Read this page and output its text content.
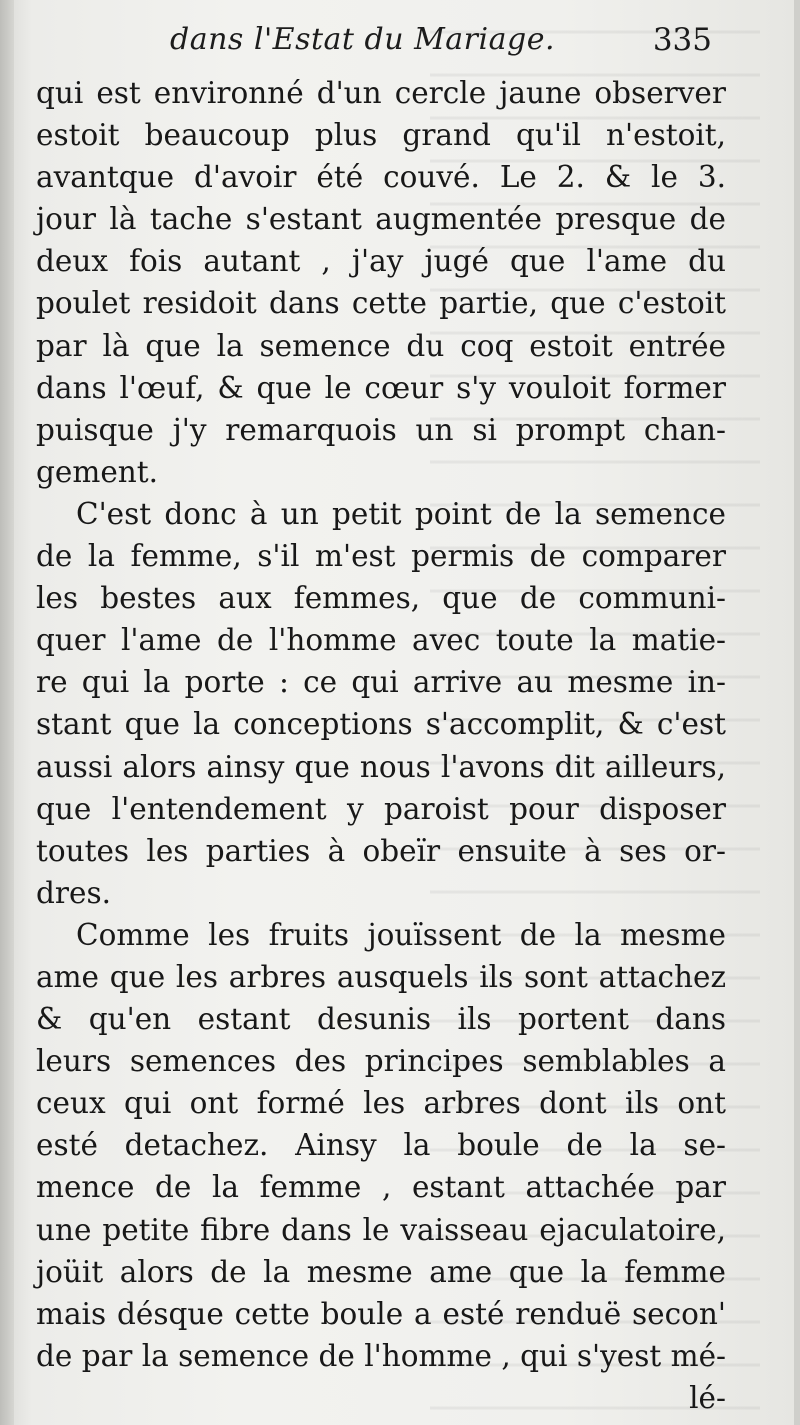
dans l'Estat du Mariage.	335
qui est environné d'un cercle jaune observer
estoit beaucoup plus grand qu'il n'estoit,
avantque d'avoir été couvé. Le 2. & le 3.
jour là tache s'estant augmentée presque de
deux fois autant , j'ay jugé que l'ame du
poulet residoit dans cette partie, que c'estoit
par là que la semence du coq estoit entrée
dans l'œuf, & que le cœur s'y vouloit former
puisque j'y remarquois un si prompt chan-
gement.
C'est donc à un petit point de la semence
de la femme, s'il m'est permis de comparer
les bestes aux femmes, que de communi-
quer l'ame de l'homme avec toute la matie-
re qui la porte : ce qui arrive au mesme in-
stant que la conceptions s'accomplit, & c'est
aussi alors ainsy que nous l'avons dit ailleurs,
que l'entendement y paroist pour disposer
toutes les parties à obeïr ensuite à ses or-
dres.
Comme les fruits jouïssent de la mesme
ame que les arbres ausquels ils sont attachez
& qu'en estant desunis ils portent dans
leurs semences des principes semblables a
ceux qui ont formé les arbres dont ils ont
esté detachez. Ainsy la boule de la se-
mence de la femme , estant attachée par
une petite fibre dans le vaisseau ejaculatoire,
joüit alors de la mesme ame que la femme
mais désque cette boule a esté renduë secon'
de par la semence de l'homme , qui s'yest mé-
lé-
